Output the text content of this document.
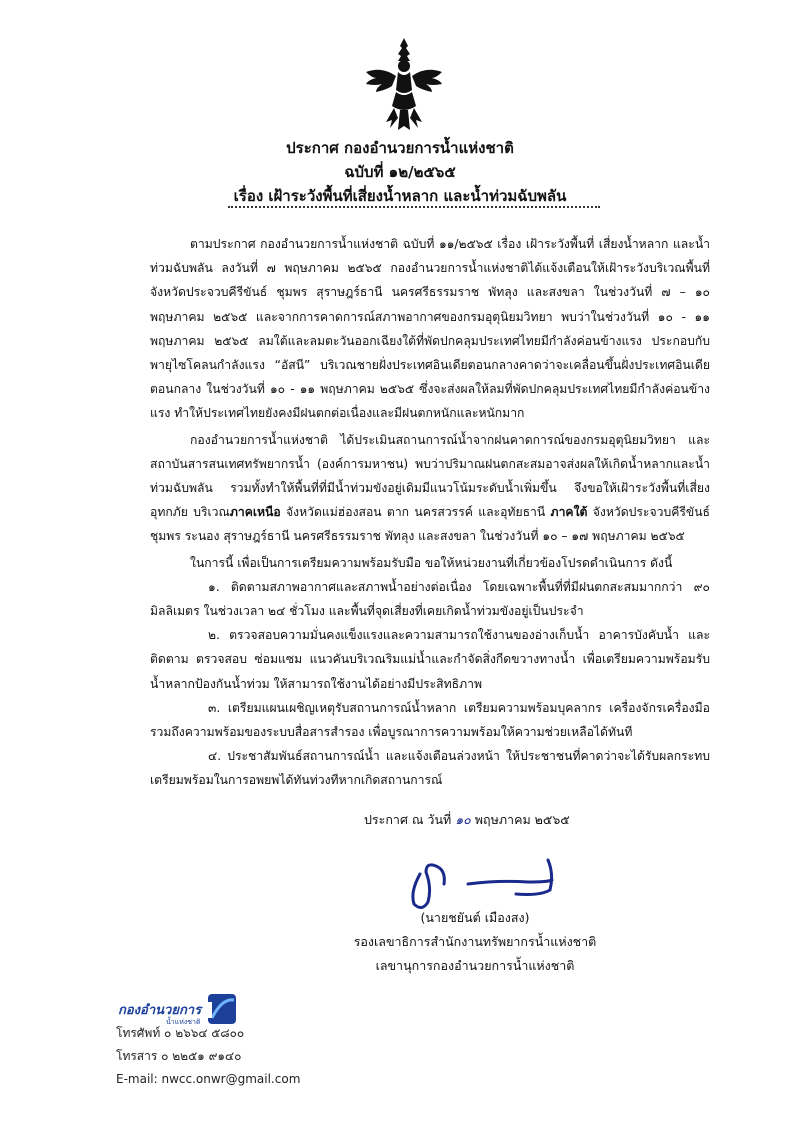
ประกาศ กองอำนวยการน้ำแห่งชาติ
ฉบับที่ ๑๒/๒๕๖๕
เรื่อง เฝ้าระวังพื้นที่เสี่ยงน้ำหลาก และน้ำท่วมฉับพลัน

ตามประกาศ กองอำนวยการน้ำแห่งชาติ ฉบับที่ ๑๑/๒๕๖๕ เรื่อง เฝ้าระวังพื้นที่ เสี่ยงน้ำหลาก และน้ำท่วมฉับพลัน ลงวันที่ ๗ พฤษภาคม ๒๕๖๕ กองอำนวยการน้ำแห่งชาติได้แจ้งเตือนให้เฝ้าระวังบริเวณพื้นที่จังหวัดประจวบคีรีขันธ์ ชุมพร สุราษฎร์ธานี นครศรีธรรมราช พัทลุง และสงขลา ในช่วงวันที่ ๗ – ๑๐ พฤษภาคม ๒๕๖๕ และจากการคาดการณ์สภาพอากาศของกรมอุตุนิยมวิทยา พบว่าในช่วงวันที่ ๑๐ - ๑๑ พฤษภาคม ๒๕๖๕ ลมใต้และลมตะวันออกเฉียงใต้ที่พัดปกคลุมประเทศไทยมีกำลังค่อนข้างแรง ประกอบกับพายุไซโคลนกำลังแรง “อัสนี” บริเวณชายฝั่งประเทศอินเดียตอนกลางคาดว่าจะเคลื่อนขึ้นฝั่งประเทศอินเดียตอนกลาง ในช่วงวันที่ ๑๐ - ๑๑ พฤษภาคม ๒๕๖๕ ซึ่งจะส่งผลให้ลมที่พัดปกคลุมประเทศไทยมีกำลังค่อนข้างแรง ทำให้ประเทศไทยยังคงมีฝนตกต่อเนื่องและมีฝนตกหนักและหนักมาก

กองอำนวยการน้ำแห่งชาติ ได้ประเมินสถานการณ์น้ำจากฝนคาดการณ์ของกรมอุตุนิยมวิทยา และสถาบันสารสนเทศทรัพยากรน้ำ (องค์การมหาชน) พบว่าปริมาณฝนตกสะสมอาจส่งผลให้เกิดน้ำหลากและน้ำท่วมฉับพลัน รวมทั้งทำให้พื้นที่ที่มีน้ำท่วมขังอยู่เดิมมีแนวโน้มระดับน้ำเพิ่มขึ้น จึงขอให้เฝ้าระวังพื้นที่เสี่ยงอุทกภัย บริเวณภาคเหนือ จังหวัดแม่ฮ่องสอน ตาก นครสวรรค์ และอุทัยธานี ภาคใต้ จังหวัดประจวบคีรีขันธ์ ชุมพร ระนอง สุราษฎร์ธานี นครศรีธรรมราช พัทลุง และสงขลา ในช่วงวันที่ ๑๐ – ๑๗ พฤษภาคม ๒๕๖๕

ในการนี้ เพื่อเป็นการเตรียมความพร้อมรับมือ ขอให้หน่วยงานที่เกี่ยวข้องโปรดดำเนินการ ดังนี้

๑. ติดตามสภาพอากาศและสภาพน้ำอย่างต่อเนื่อง โดยเฉพาะพื้นที่ที่มีฝนตกสะสมมากกว่า ๙๐ มิลลิเมตร ในช่วงเวลา ๒๔ ชั่วโมง และพื้นที่จุดเสี่ยงที่เคยเกิดน้ำท่วมขังอยู่เป็นประจำ

๒. ตรวจสอบความมั่นคงแข็งแรงและความสามารถใช้งานของอ่างเก็บน้ำ อาคารบังคับน้ำ และติดตาม ตรวจสอบ ซ่อมแซม แนวคันบริเวณริมแม่น้ำและกำจัดสิ่งกีดขวางทางน้ำ เพื่อเตรียมความพร้อมรับน้ำหลากป้องกันน้ำท่วม ให้สามารถใช้งานได้อย่างมีประสิทธิภาพ

๓. เตรียมแผนเผชิญเหตุรับสถานการณ์น้ำหลาก เตรียมความพร้อมบุคลากร เครื่องจักรเครื่องมือ รวมถึงความพร้อมของระบบสื่อสารสำรอง เพื่อบูรณาการความพร้อมให้ความช่วยเหลือได้ทันที

๔. ประชาสัมพันธ์สถานการณ์น้ำ และแจ้งเตือนล่วงหน้า ให้ประชาชนที่คาดว่าจะได้รับผลกระทบ เตรียมพร้อมในการอพยพได้ทันท่วงทีหากเกิดสถานการณ์

ประกาศ ณ วันที่ ๑๐ พฤษภาคม ๒๕๖๕
(นายชยันต์ เมืองสง)
รองเลขาธิการสำนักงานทรัพยากรน้ำแห่งชาติ
เลขานุการกองอำนวยการน้ำแห่งชาติ
กองอำนวยการ
น้ำแห่งชาติ
โทรศัพท์ ๐ ๒๖๖๔ ๕๘๐๐
โทรสาร ๐ ๒๒๕๑ ๙๑๔๐
E-mail: nwcc.onwr@gmail.com
